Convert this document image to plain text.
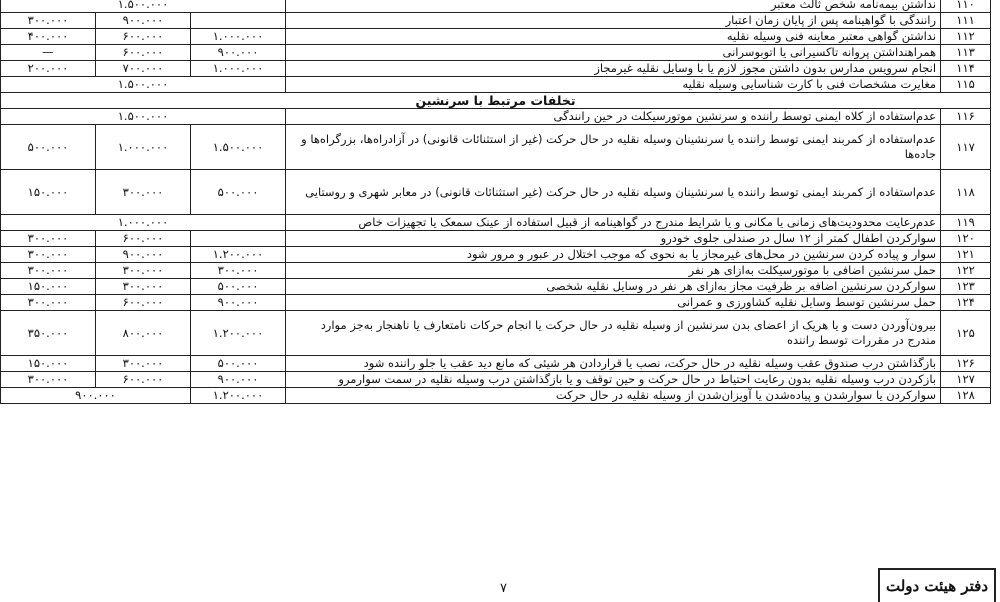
۱.۵۰۰.۰۰۰			نداشتن بیمه‌نامه شخص ثالث معتبر	۱۱۰
۳۰۰.۰۰۰	۹۰۰.۰۰۰		رانندگی با گواهینامه پس از پایان زمان اعتبار	۱۱۱
۴۰۰.۰۰۰	۶۰۰.۰۰۰	۱.۰۰۰.۰۰۰	نداشتن گواهی معتبر معاینه فنی وسیله نقلیه	۱۱۲
—	۶۰۰.۰۰۰	۹۰۰.۰۰۰	همراهنداشتن پروانه تاکسیرانی یا اتوبوسرانی	۱۱۳
۲۰۰.۰۰۰	۷۰۰.۰۰۰	۱.۰۰۰.۰۰۰	انجام سرویس مدارس بدون داشتن مجوز لازم یا با وسایل نقلیه غیرمجاز	۱۱۴
۱.۵۰۰.۰۰۰			مغایرت مشخصات فنی با کارت شناسایی وسیله نقلیه	۱۱۵
تخلفات مرتبط با سرنشین				
۱.۵۰۰.۰۰۰			عدم‌استفاده از کلاه ایمنی توسط راننده و سرنشین موتورسیکلت در حین رانندگی	۱۱۶
۵۰۰.۰۰۰	۱.۰۰۰.۰۰۰	۱.۵۰۰.۰۰۰	عدم‌استفاده از کمربند ایمنی توسط راننده یا سرنشینان وسیله نقلیه در حال حرکت (غیر از استثنائات قانونی) در آزادراه‌ها، بزرگراه‌ها و جاده‌ها	۱۱۷
۱۵۰.۰۰۰	۳۰۰.۰۰۰	۵۰۰.۰۰۰	عدم‌استفاده از کمربند ایمنی توسط راننده یا سرنشینان وسیله نقلیه در حال حرکت (غیر استثنائات قانونی) در معابر شهری و روستایی	۱۱۸
۱.۰۰۰.۰۰۰			عدم‌رعایت محدودیت‌های زمانی یا مکانی و یا شرایط مندرج در گواهینامه از قبیل استفاده از عینک سمعک یا تجهیزات خاص	۱۱۹
۳۰۰.۰۰۰	۶۰۰.۰۰۰		سوارکردن اطفال کمتر از ۱۲ سال در صندلی جلوی خودرو	۱۲۰
۳۰۰.۰۰۰	۹۰۰.۰۰۰	۱.۲۰۰.۰۰۰	سوار و پیاده کردن سرنشین در محل‌های غیرمجاز یا به نحوی که موجب اختلال در عبور و مرور شود	۱۲۱
۳۰۰.۰۰۰	۳۰۰.۰۰۰	۳۰۰.۰۰۰	حمل سرنشین اضافی با موتورسیکلت به‌ازای هر نفر	۱۲۲
۱۵۰.۰۰۰	۳۰۰.۰۰۰	۵۰۰.۰۰۰	سوارکردن سرنشین اضافه بر ظرفیت مجاز به‌ازای هر نفر در وسایل نقلیه شخصی	۱۲۳
۳۰۰.۰۰۰	۶۰۰.۰۰۰	۹۰۰.۰۰۰	حمل سرنشین توسط وسایل نقلیه کشاورزی و عمرانی	۱۲۴
۳۵۰.۰۰۰	۸۰۰.۰۰۰	۱.۲۰۰.۰۰۰	بیرون‌آوردن دست و یا هریک از اعضای بدن سرنشین از وسیله نقلیه در حال حرکت یا انجام حرکات نامتعارف یا ناهنجار به‌جز موارد مندرج در مقررات توسط راننده	۱۲۵
۱۵۰.۰۰۰	۳۰۰.۰۰۰	۵۰۰.۰۰۰	بازگذاشتن درب صندوق عقب وسیله نقلیه در حال حرکت، نصب یا قراردادن هر شیئی که مانع دید عقب یا جلو راننده شود	۱۲۶
۳۰۰.۰۰۰	۶۰۰.۰۰۰	۹۰۰.۰۰۰	بازکردن درب وسیله نقلیه بدون رعایت احتیاط در حال حرکت و حین توقف و یا بازگذاشتن درب وسیله نقلیه در سمت سوارمرو	۱۲۷
۹۰۰.۰۰۰		۱.۲۰۰.۰۰۰	سوارکردن یا سوارشدن و پیاده‌شدن یا آویزان‌شدن از وسیله نقلیه در حال حرکت	۱۲۸
۷	دفتر هیئت دولت
